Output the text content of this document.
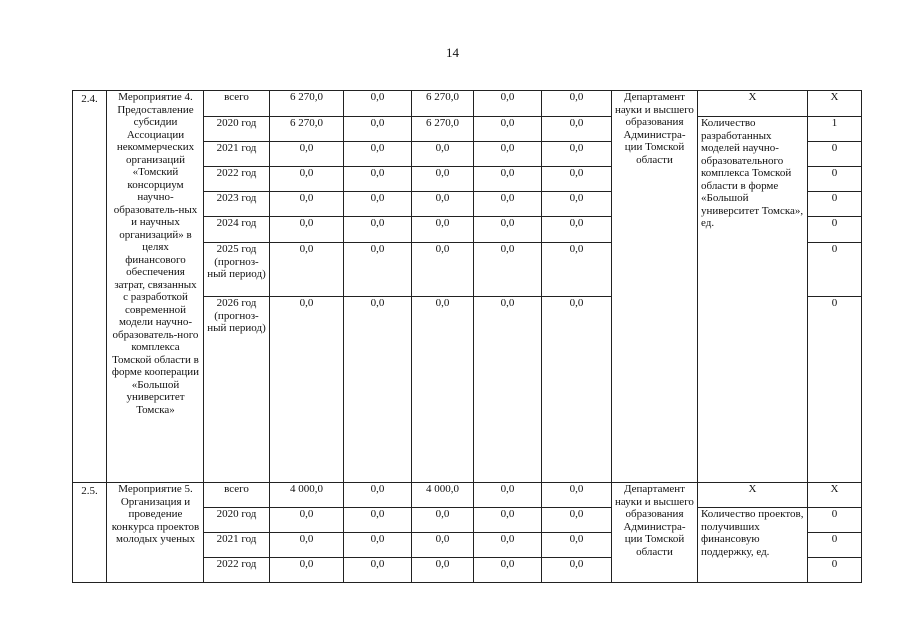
14
2.4.	Мероприятие 4. Предоставление субсидии Ассоциации некоммерческих организаций «Томский консорциум научно-образователь-ных и научных организаций» в целях финансового обеспечения затрат, связанных с разработкой современной модели научно-образователь-ного комплекса Томской области в форме кооперации «Большой университет Томска»	всего	6 270,0	0,0	6 270,0	0,0	0,0	Департамент науки и высшего образования Администра-ции Томской области	X	X
		2020 год	6 270,0	0,0	6 270,0	0,0	0,0		Количество разработанных моделей научно-образовательного комплекса Томской области в форме «Большой университет Томска», ед.	1
		2021 год	0,0	0,0	0,0	0,0	0,0			0
		2022 год	0,0	0,0	0,0	0,0	0,0			0
		2023 год	0,0	0,0	0,0	0,0	0,0			0
		2024 год	0,0	0,0	0,0	0,0	0,0			0
		2025 год (прогноз-ный период)	0,0	0,0	0,0	0,0	0,0			0
		2026 год (прогноз-ный период)	0,0	0,0	0,0	0,0	0,0			0
2.5.	Мероприятие 5. Организация и проведение конкурса проектов молодых ученых	всего	4 000,0	0,0	4 000,0	0,0	0,0	Департамент науки и высшего образования Администра-ции Томской области	X	X
		2020 год	0,0	0,0	0,0	0,0	0,0		Количество проектов, получивших финансовую поддержку, ед.	0
		2021 год	0,0	0,0	0,0	0,0	0,0			0
		2022 год	0,0	0,0	0,0	0,0	0,0			0
